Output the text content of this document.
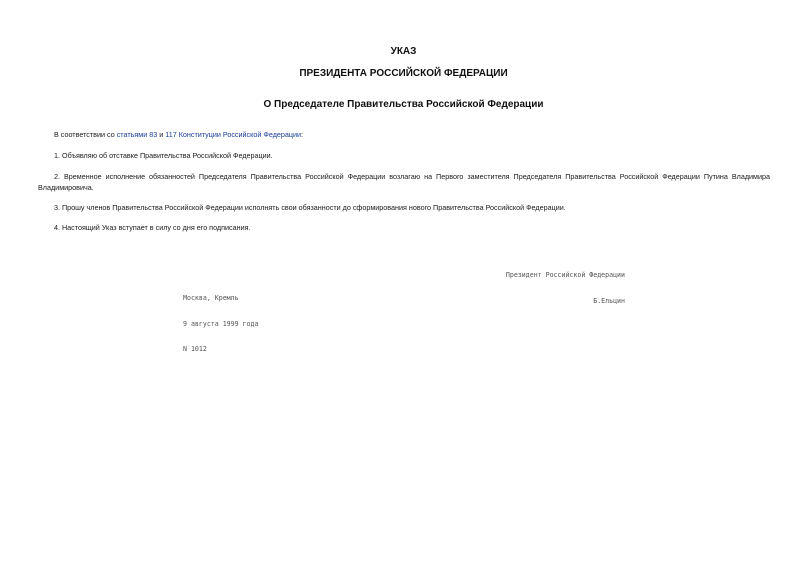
УКАЗ
ПРЕЗИДЕНТА РОССИЙСКОЙ ФЕДЕРАЦИИ
О Председателе Правительства Российской Федерации

В соответствии со статьями 83 и 117 Конституции Российской Федерации:

1. Объявляю об отставке Правительства Российской Федерации.

2. Временное исполнение обязанностей Председателя Правительства Российской Федерации возлагаю на Первого заместителя Председателя Правительства Российской Федерации Путина Владимира Владимировича.

3. Прошу членов Правительства Российской Федерации исполнять свои обязанности до сформирования нового Правительства Российской Федерации.

4. Настоящий Указ вступает в силу со дня его подписания.

Президент Российской Федерации

Б.Ельцин

Москва, Кремль

9 августа 1999 года

N 1012
